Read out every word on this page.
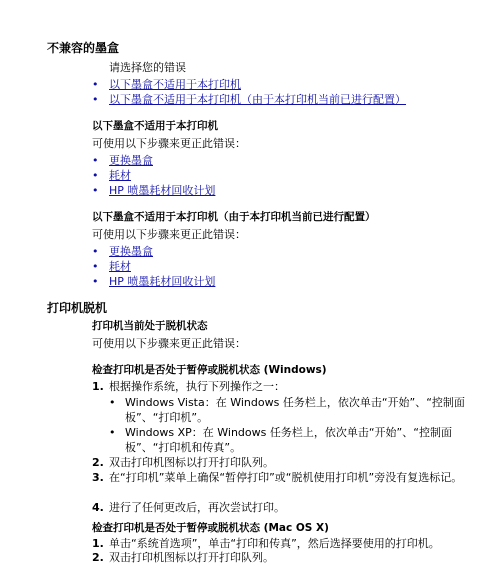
不兼容的墨盒
请选择您的错误
• 以下墨盒不适用于本打印机
• 以下墨盒不适用于本打印机（由于本打印机当前已进行配置）
以下墨盒不适用于本打印机
可使用以下步骤来更正此错误：
• 更换墨盒
• 耗材
• HP 喷墨耗材回收计划
以下墨盒不适用于本打印机（由于本打印机当前已进行配置）
可使用以下步骤来更正此错误：
• 更换墨盒
• 耗材
• HP 喷墨耗材回收计划
打印机脱机
打印机当前处于脱机状态
可使用以下步骤来更正此错误：
检查打印机是否处于暂停或脱机状态 (Windows)
1. 根据操作系统，执行下列操作之一：
• Windows Vista：在 Windows 任务栏上，依次单击“开始”、“控制面板”、“打印机”。
• Windows XP：在 Windows 任务栏上，依次单击“开始”、“控制面板”、“打印机和传真”。
2. 双击打印机图标以打开打印队列。
3. 在“打印机”菜单上确保“暂停打印”或“脱机使用打印机”旁没有复选标记。
4. 进行了任何更改后，再次尝试打印。
检查打印机是否处于暂停或脱机状态 (Mac OS X)
1. 单击“系统首选项”，单击“打印和传真”，然后选择要使用的打印机。
2. 双击打印机图标以打开打印队列。
